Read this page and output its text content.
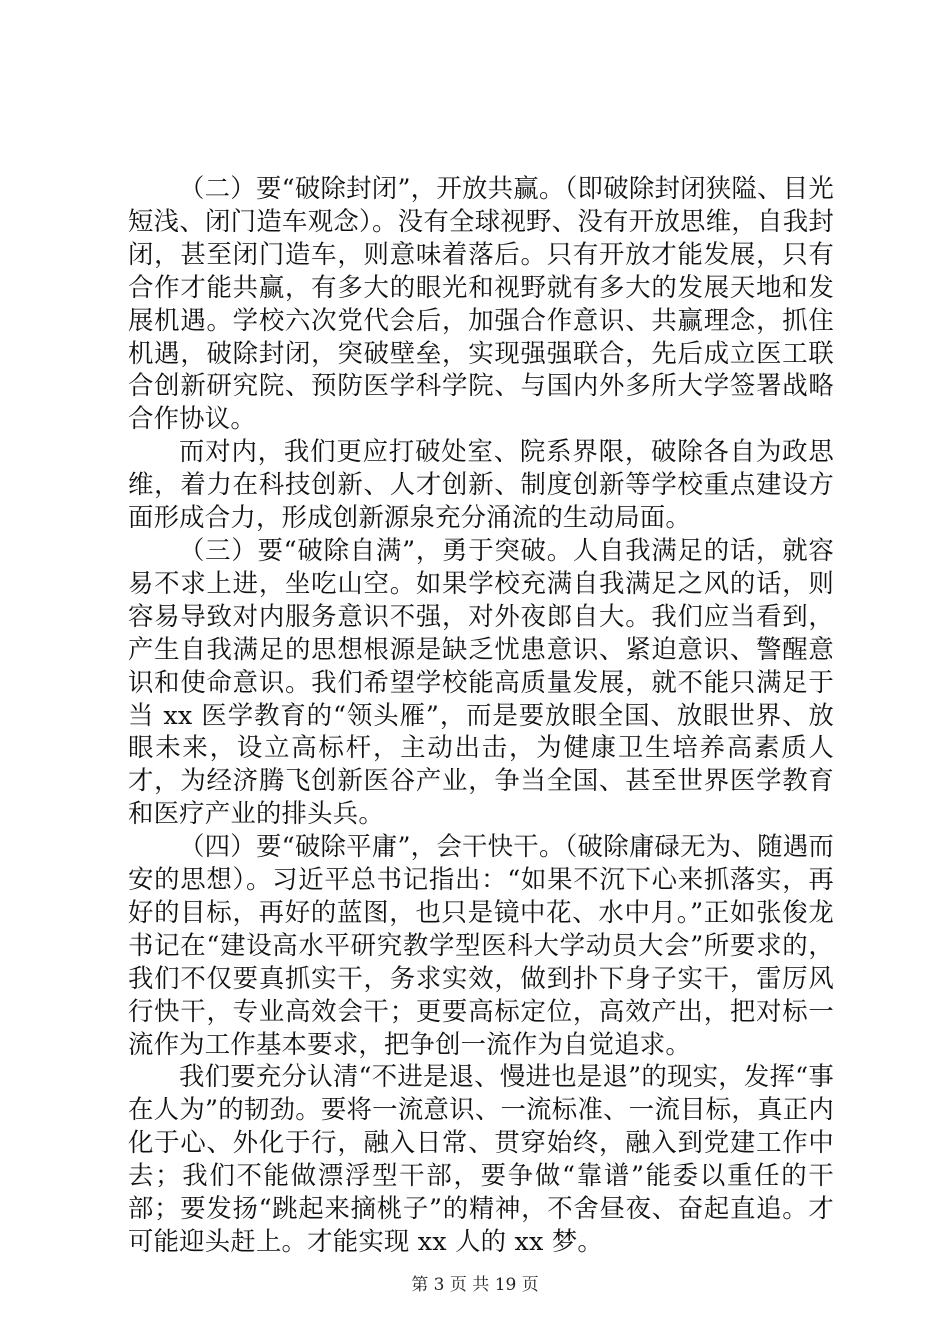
（二）要“破除封闭”，开放共赢。（即破除封闭狭隘、目光短浅、闭门造车观念）。没有全球视野、没有开放思维，自我封闭，甚至闭门造车，则意味着落后。只有开放才能发展，只有合作才能共赢，有多大的眼光和视野就有多大的发展天地和发展机遇。学校六次党代会后，加强合作意识、共赢理念，抓住机遇，破除封闭，突破壁垒，实现强强联合，先后成立医工联合创新研究院、预防医学科学院、与国内外多所大学签署战略合作协议。

而对内，我们更应打破处室、院系界限，破除各自为政思维，着力在科技创新、人才创新、制度创新等学校重点建设方面形成合力，形成创新源泉充分涌流的生动局面。

（三）要“破除自满”，勇于突破。人自我满足的话，就容易不求上进，坐吃山空。如果学校充满自我满足之风的话，则容易导致对内服务意识不强，对外夜郎自大。我们应当看到，产生自我满足的思想根源是缺乏忧患意识、紧迫意识、警醒意识和使命意识。我们希望学校能高质量发展，就不能只满足于当 xx 医学教育的“领头雁”，而是要放眼全国、放眼世界、放眼未来，设立高标杆，主动出击，为健康卫生培养高素质人才，为经济腾飞创新医谷产业，争当全国、甚至世界医学教育和医疗产业的排头兵。

（四）要“破除平庸”，会干快干。（破除庸碌无为、随遇而安的思想）。习近平总书记指出：“如果不沉下心来抓落实，再好的目标，再好的蓝图，也只是镜中花、水中月。”正如张俊龙书记在“建设高水平研究教学型医科大学动员大会”所要求的，我们不仅要真抓实干，务求实效，做到扑下身子实干，雷厉风行快干，专业高效会干；更要高标定位，高效产出，把对标一流作为工作基本要求，把争创一流作为自觉追求。

我们要充分认清“不进是退、慢进也是退”的现实，发挥“事在人为”的韧劲。要将一流意识、一流标准、一流目标，真正内化于心、外化于行，融入日常、贯穿始终，融入到党建工作中去；我们不能做漂浮型干部，要争做“靠谱”能委以重任的干部；要发扬“跳起来摘桃子”的精神，不舍昼夜、奋起直追。才可能迎头赶上。才能实现 xx 人的 xx 梦。

第 3 页 共 19 页
